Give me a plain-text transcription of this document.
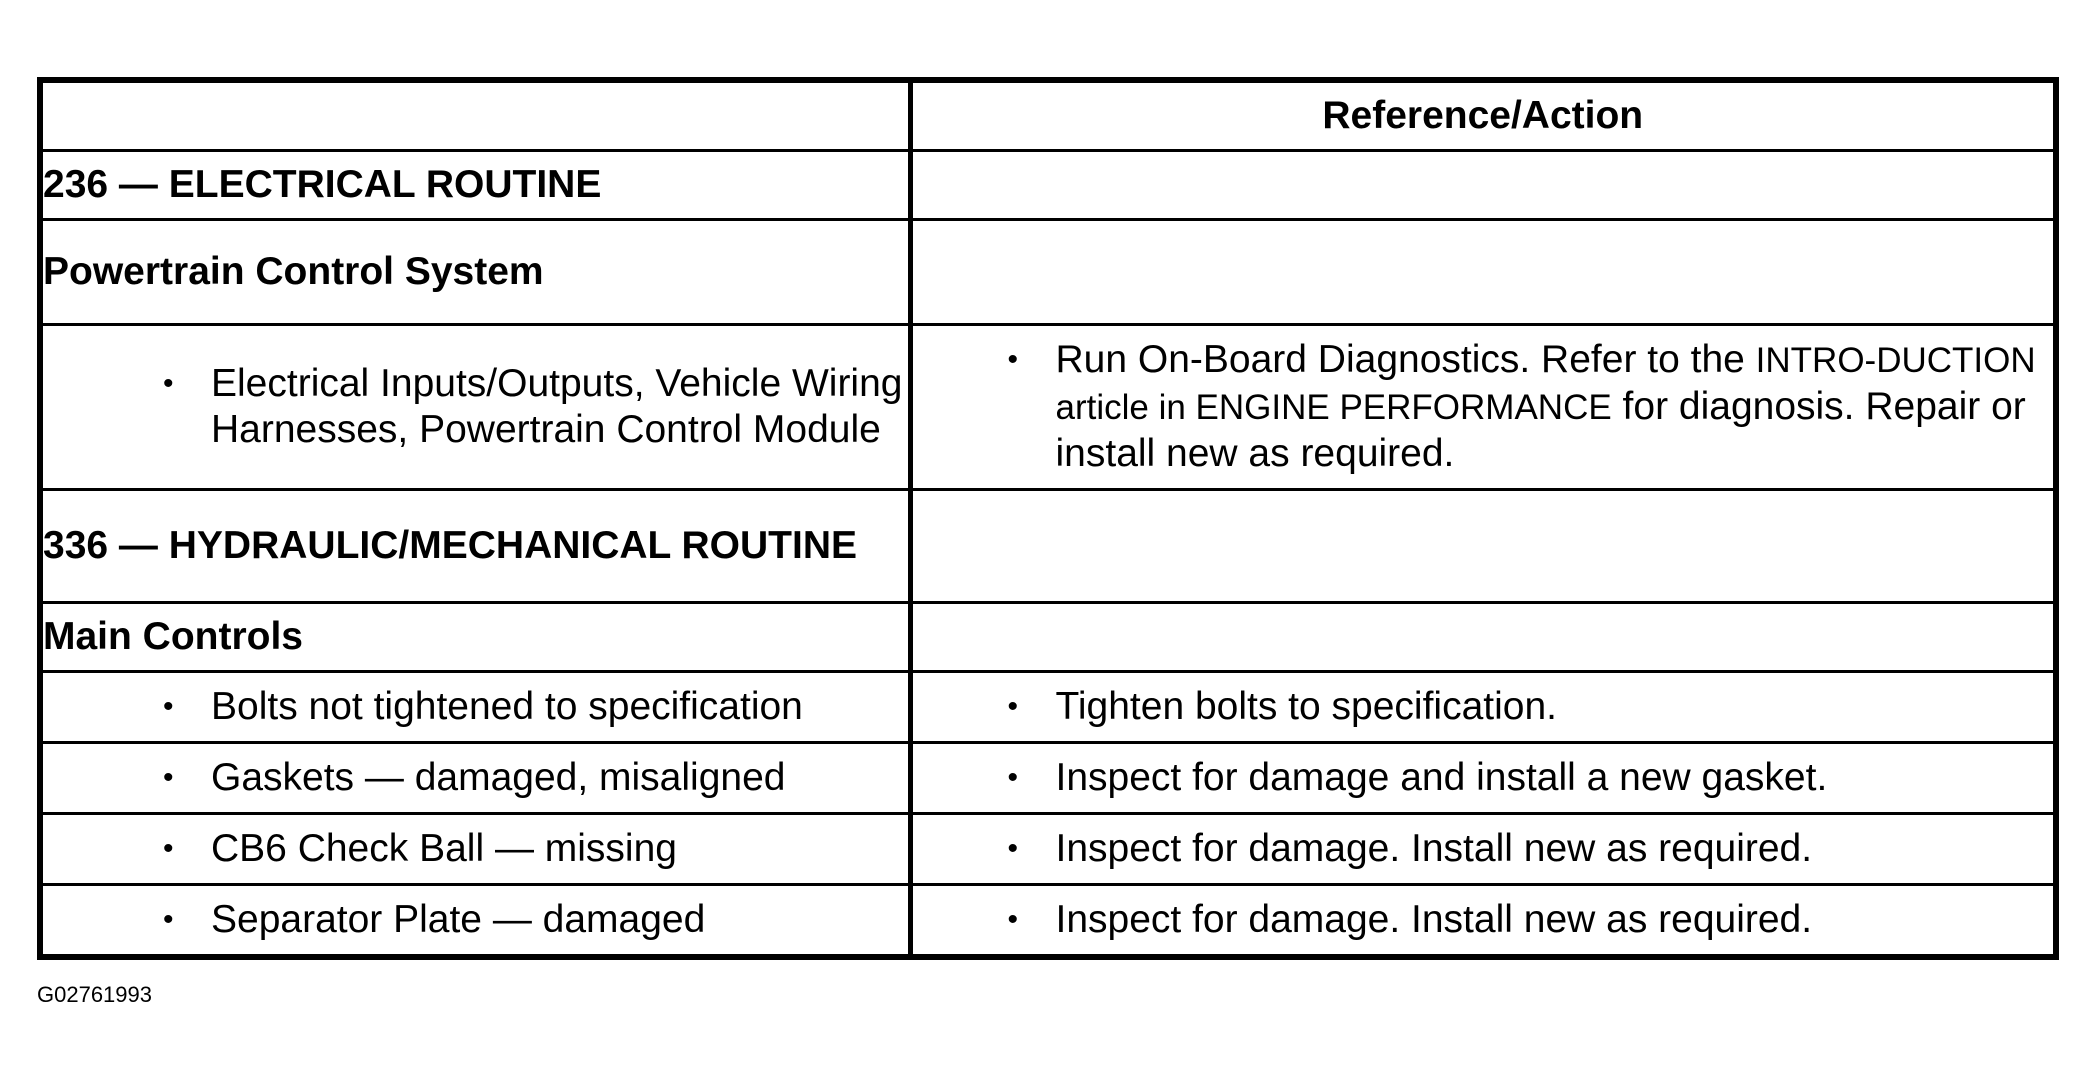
	Reference/Action
236 — ELECTRICAL ROUTINE	
Powertrain Control System	

• Electrical Inputs/Outputs, Vehicle Wiring Harnesses, Powertrain Control Module	• Run On-Board Diagnostics. Refer to the INTRO-DUCTION article in ENGINE PERFORMANCE for diagnosis. Repair or install new as required.

336 — HYDRAULIC/MECHANICAL ROUTINE	
Main Controls	

• Bolts not tightened to specification	• Tighten bolts to specification.

• Gaskets — damaged, misaligned	• Inspect for damage and install a new gasket.

• CB6 Check Ball — missing	• Inspect for damage. Install new as required.

• Separator Plate — damaged	• Inspect for damage. Install new as required.
G02761993
